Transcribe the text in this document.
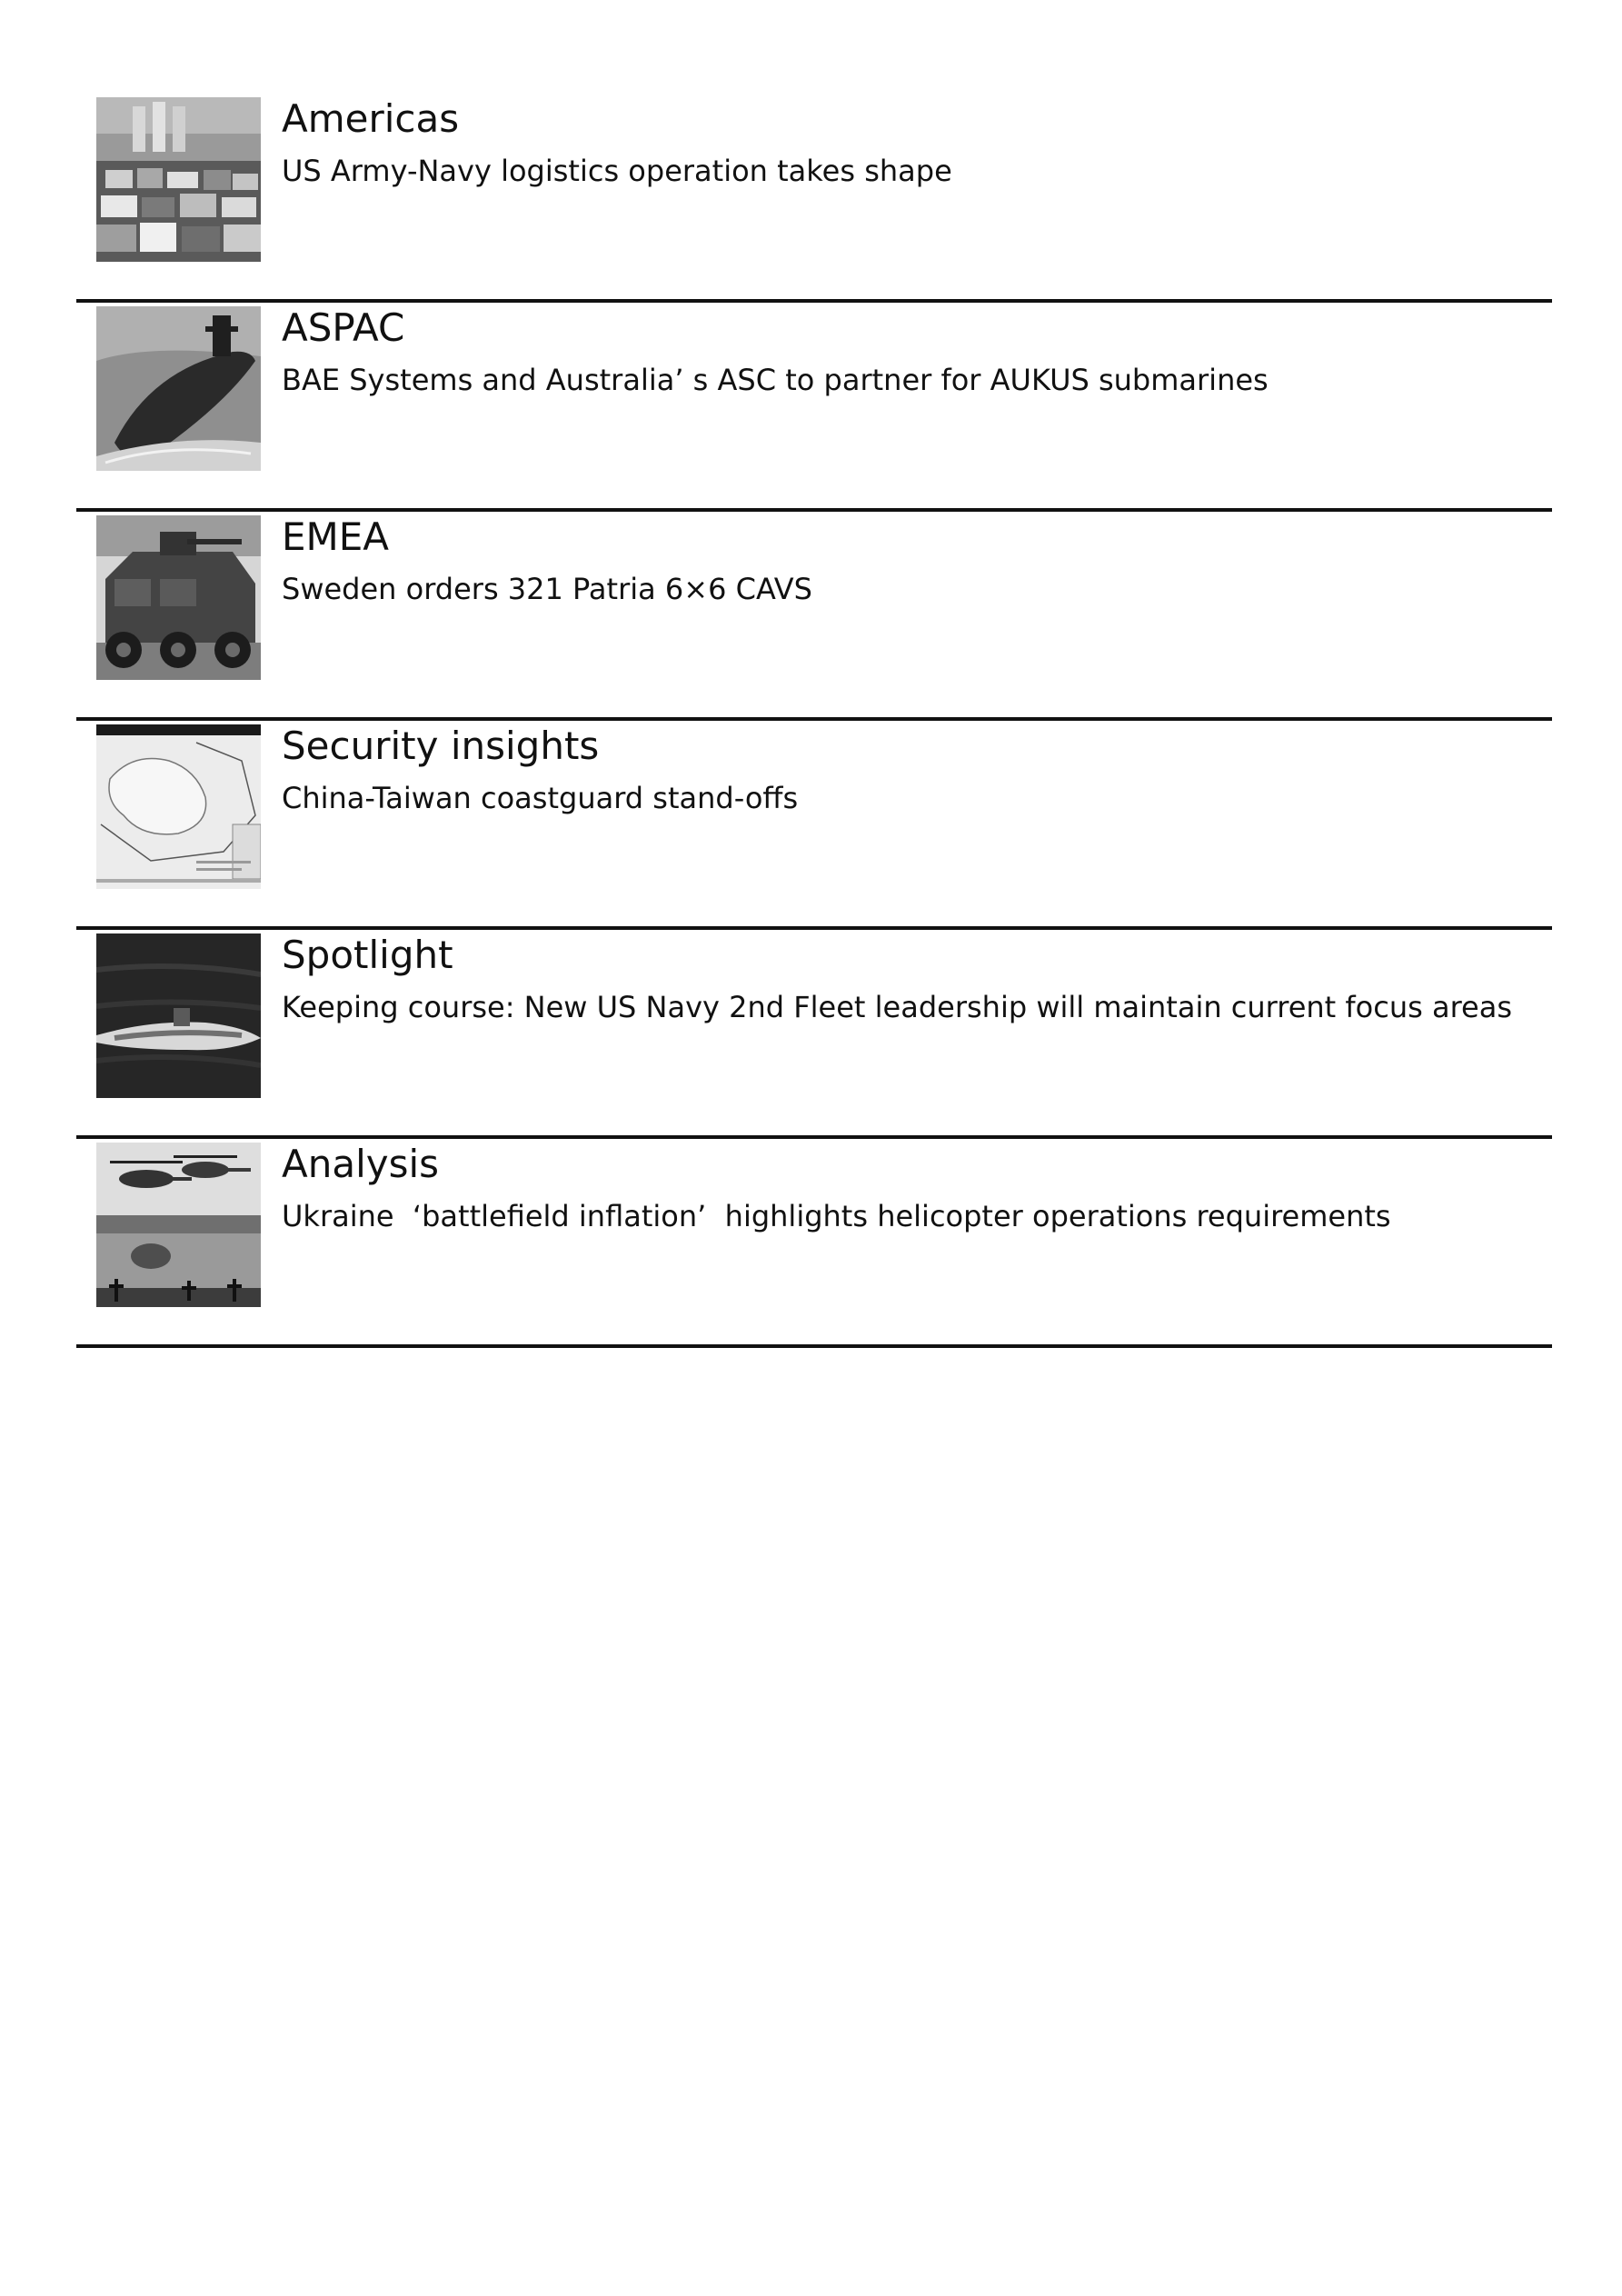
Americas

US Army-Navy logistics operation takes shape

ASPAC

BAE Systems and Australia’ s ASC to partner for AUKUS submarines

EMEA

Sweden orders 321 Patria 6×6 CAVS

Security insights

China-Taiwan coastguard stand-offs

Spotlight

Keeping course: New US Navy 2nd Fleet leadership will maintain current focus areas

Analysis

Ukraine  ‘battlefield inflation’  highlights helicopter operations requirements
